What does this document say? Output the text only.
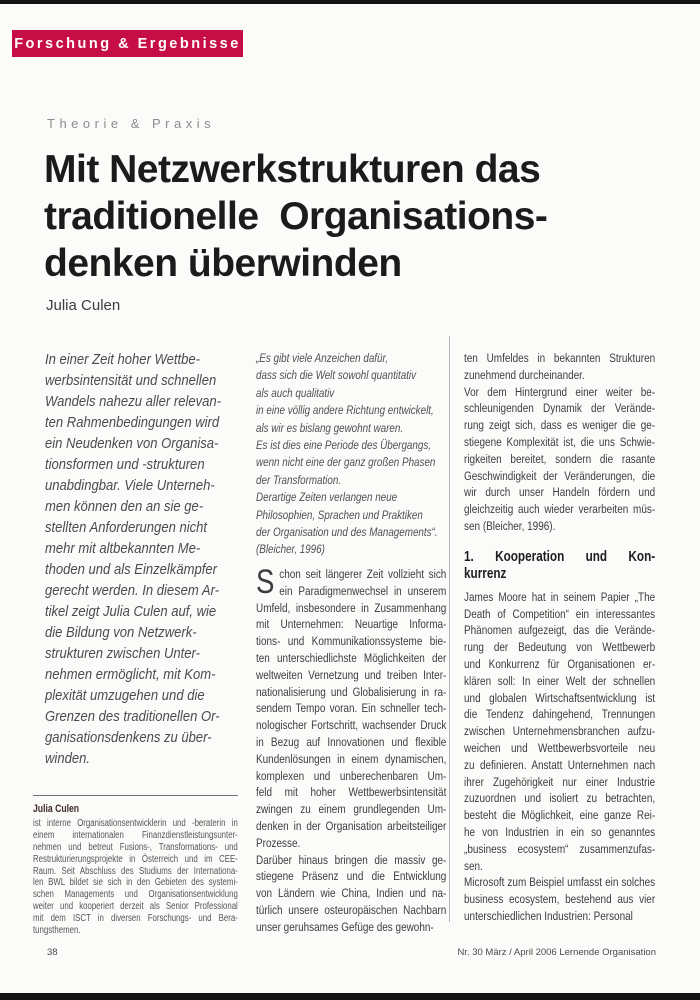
Forschung & Ergebnisse
Theorie & Praxis
Mit Netzwerkstrukturen das
traditionelle  Organisations-
denken überwinden
Julia Culen
In einer Zeit hoher Wettbe-
werbsintensität und schnellen
Wandels nahezu aller relevan-
ten Rahmenbedingungen wird
ein Neudenken von Organisa-
tionsformen und -strukturen
unabdingbar. Viele Unterneh-
men können den an sie ge-
stellten Anforderungen nicht
mehr mit altbekannten Me-
thoden und als Einzelkämpfer
gerecht werden. In diesem Ar-
tikel zeigt Julia Culen auf, wie
die Bildung von Netzwerk-
strukturen zwischen Unter-
nehmen ermöglicht, mit Kom-
plexität umzugehen und die
Grenzen des traditionellen Or-
ganisationsdenkens zu über-
winden.
„Es gibt viele Anzeichen dafür,
dass sich die Welt sowohl quantitativ
als auch qualitativ
in eine völlig andere Richtung entwickelt,
als wir es bislang gewohnt waren.
Es ist dies eine Periode des Übergangs,
wenn nicht eine der ganz großen Phasen
der Transformation.
Derartige Zeiten verlangen neue
Philosophien, Sprachen und Praktiken
der Organisation und des Managements“.
(Bleicher, 1996)
S chon seit längerer Zeit vollzieht sich
ein Paradigmenwechsel in unserem
Umfeld, insbesondere in Zusammenhang
mit Unternehmen: Neuartige Informa-
tions- und Kommunikationssysteme bie-
ten unterschiedlichste Möglichkeiten der
weltweiten Vernetzung und treiben Inter-
nationalisierung und Globalisierung in ra-
sendem Tempo voran. Ein schneller tech-
nologischer Fortschritt, wachsender Druck
in Bezug auf Innovationen und flexible
Kundenlösungen in einem dynamischen,
komplexen und unberechenbaren Um-
feld mit hoher Wettbewerbsintensität
zwingen zu einem grundlegenden Um-
denken in der Organisation arbeitsteiliger
Prozesse.
Darüber hinaus bringen die massiv ge-
stiegene Präsenz und die Entwicklung
von Ländern wie China, Indien und na-
türlich unsere osteuropäischen Nachbarn
unser geruhsames Gefüge des gewohn-
ten Umfeldes in bekannten Strukturen
zunehmend durcheinander.
Vor dem Hintergrund einer weiter be-
schleunigenden Dynamik der Verände-
rung zeigt sich, dass es weniger die ge-
stiegene Komplexität ist, die uns Schwie-
rigkeiten bereitet, sondern die rasante
Geschwindigkeit der Veränderungen, die
wir durch unser Handeln fördern und
gleichzeitig auch wieder verarbeiten müs-
sen (Bleicher, 1996).
1. Kooperation und Kon-
kurrenz
James Moore hat in seinem Papier „The
Death of Competition“ ein interessantes
Phänomen aufgezeigt, das die Verände-
rung der Bedeutung von Wettbewerb
und Konkurrenz für Organisationen er-
klären soll: In einer Welt der schnellen
und globalen Wirtschaftsentwicklung ist
die Tendenz dahingehend, Trennungen
zwischen Unternehmensbranchen aufzu-
weichen und Wettbewerbsvorteile neu
zu definieren. Anstatt Unternehmen nach
ihrer Zugehörigkeit nur einer Industrie
zuzuordnen und isoliert zu betrachten,
besteht die Möglichkeit, eine ganze Rei-
he von Industrien in ein so genanntes
„business ecosystem“ zusammenzufas-
sen.
Microsoft zum Beispiel umfasst ein solches
business ecosystem, bestehend aus vier
unterschiedlichen Industrien: Personal
Julia Culen
ist interne Organisationsentwicklerin und -beraterin in
einem internationalen Finanzdienstleistungsunter-
nehmen und betreut Fusions-, Transformations- und
Restrukturierungsprojekte in Österreich und im CEE-
Raum. Seit Abschluss des Studiums der Internationa-
len BWL bildet sie sich in den Gebieten des systemi-
schen Managements und Organisationsentwicklung
weiter und kooperiert derzeit als Senior Professional
mit dem ISCT in diversen Forschungs- und Bera-
tungsthemen.
38	Nr. 30 März / April 2006 Lernende Organisation
